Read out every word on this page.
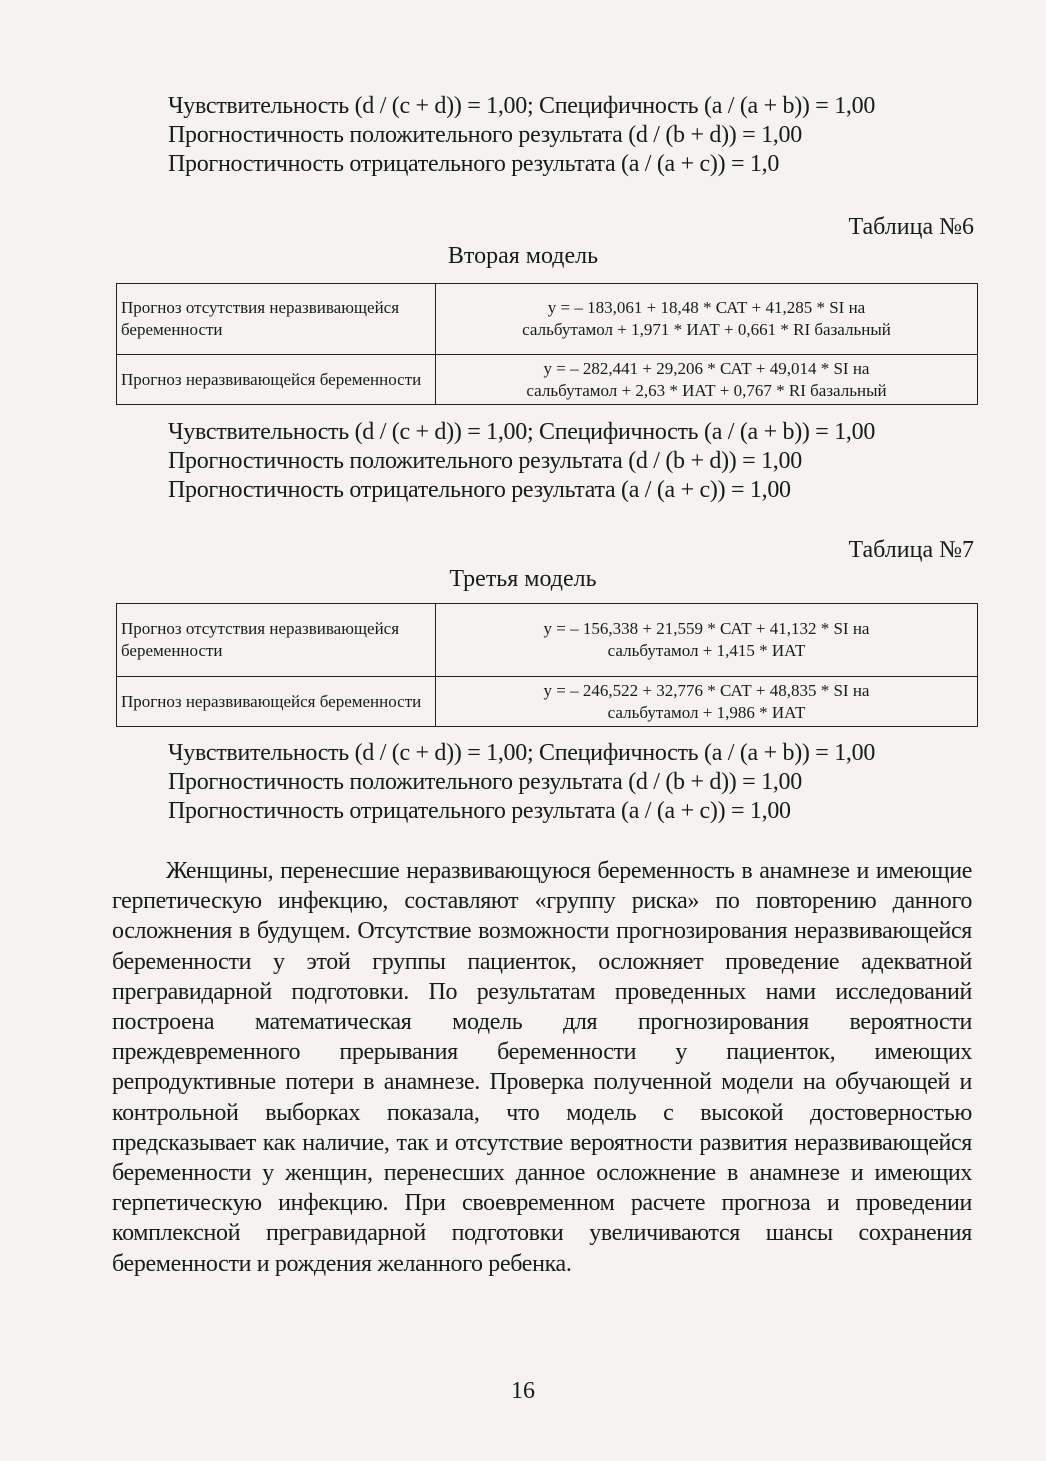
Чувствительность (d / (c + d)) = 1,00; Специфичность (a / (a + b)) = 1,00
Прогностичность положительного результата (d / (b + d)) = 1,00
Прогностичность отрицательного результата (a / (a + c)) = 1,0
Таблица №6
Вторая модель
Прогноз отсутствия неразвивающейся беременности	y = – 183,061 + 18,48 * САТ + 41,285 * SI на
сальбутамол + 1,971 * ИАТ + 0,661 * RI базальный

Прогноз неразвивающейся беременности	y = – 282,441 + 29,206 * САТ + 49,014 * SI на
сальбутамол + 2,63 * ИАТ + 0,767 * RI базальный
Чувствительность (d / (c + d)) = 1,00; Специфичность (a / (a + b)) = 1,00
Прогностичность положительного результата (d / (b + d)) = 1,00
Прогностичность отрицательного результата (a / (a + c)) = 1,00
Таблица №7
Третья модель
Прогноз отсутствия неразвивающейся беременности	y = – 156,338 + 21,559 * САТ + 41,132 * SI на
сальбутамол + 1,415 * ИАТ

Прогноз неразвивающейся беременности	y = – 246,522 + 32,776 * САТ + 48,835 * SI на
сальбутамол + 1,986 * ИАТ
Чувствительность (d / (c + d)) = 1,00; Специфичность (a / (a + b)) = 1,00
Прогностичность положительного результата (d / (b + d)) = 1,00
Прогностичность отрицательного результата (a / (a + c)) = 1,00
Женщины, перенесшие неразвивающуюся беременность в анамнезе и имеющие герпетическую инфекцию, составляют «группу риска» по повторению данного осложнения в будущем. Отсутствие возможности прогнозирования неразвивающейся беременности у этой группы пациенток, осложняет проведение адекватной прегравидарной подготовки. По результатам проведенных нами исследований построена математическая модель для прогнозирования вероятности преждевременного прерывания беременности у пациенток, имеющих репродуктивные потери в анамнезе. Проверка полученной модели на обучающей и контрольной выборках показала, что модель с высокой достоверностью предсказывает как наличие, так и отсутствие вероятности развития неразвивающейся беременности у женщин, перенесших данное осложнение в анамнезе и имеющих герпетическую инфекцию. При своевременном расчете прогноза и проведении комплексной прегравидарной подготовки увеличиваются шансы сохранения беременности и рождения желанного ребенка.
16
